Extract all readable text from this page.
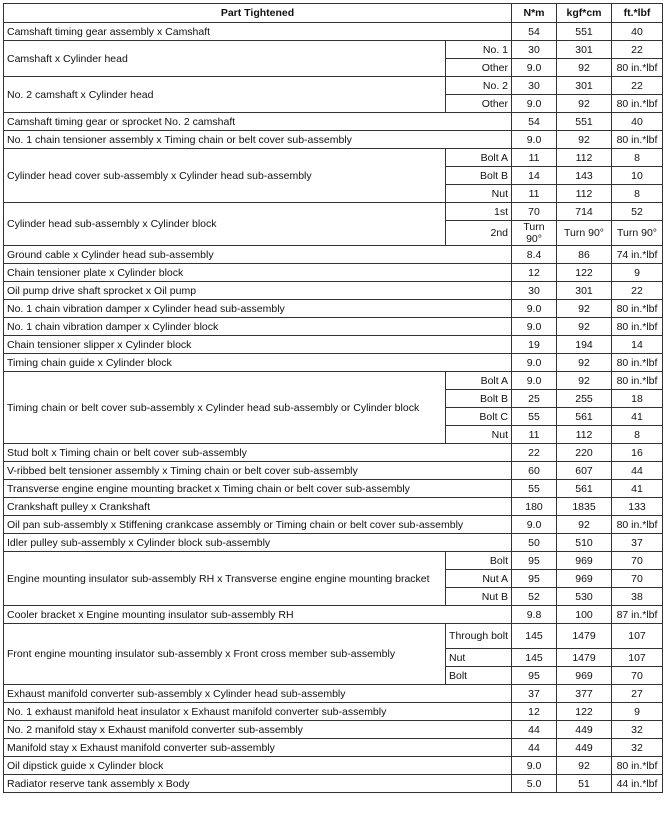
Part Tightened		N*m	kgf*cm	ft.*lbf
Camshaft timing gear assembly x Camshaft		54	551	40
Camshaft x Cylinder head	No. 1	30	301	22
	Other	9.0	92	80 in.*lbf
No. 2 camshaft x Cylinder head	No. 2	30	301	22
	Other	9.0	92	80 in.*lbf
Camshaft timing gear or sprocket No. 2 camshaft		54	551	40
No. 1 chain tensioner assembly x Timing chain or belt cover sub-assembly		9.0	92	80 in.*lbf
Cylinder head cover sub-assembly x Cylinder head sub-assembly	Bolt A	11	112	8
	Bolt B	14	143	10
	Nut	11	112	8
Cylinder head sub-assembly x Cylinder block	1st	70	714	52
	2nd	Turn 90°	Turn 90°	Turn 90°
Ground cable x Cylinder head sub-assembly		8.4	86	74 in.*lbf
Chain tensioner plate x Cylinder block		12	122	9
Oil pump drive shaft sprocket x Oil pump		30	301	22
No. 1 chain vibration damper x Cylinder head sub-assembly		9.0	92	80 in.*lbf
No. 1 chain vibration damper x Cylinder block		9.0	92	80 in.*lbf
Chain tensioner slipper x Cylinder block		19	194	14
Timing chain guide x Cylinder block		9.0	92	80 in.*lbf
Timing chain or belt cover sub-assembly x Cylinder head sub-assembly or Cylinder block	Bolt A	9.0	92	80 in.*lbf
	Bolt B	25	255	18
	Bolt C	55	561	41
	Nut	11	112	8
Stud bolt x Timing chain or belt cover sub-assembly		22	220	16
V-ribbed belt tensioner assembly x Timing chain or belt cover sub-assembly		60	607	44
Transverse engine engine mounting bracket x Timing chain or belt cover sub-assembly		55	561	41
Crankshaft pulley x Crankshaft		180	1835	133
Oil pan sub-assembly x Stiffening crankcase assembly or Timing chain or belt cover sub-assembly		9.0	92	80 in.*lbf
Idler pulley sub-assembly x Cylinder block sub-assembly		50	510	37
Engine mounting insulator sub-assembly RH x Transverse engine engine mounting bracket	Bolt	95	969	70
	Nut A	95	969	70
	Nut B	52	530	38
Cooler bracket x Engine mounting insulator sub-assembly RH		9.8	100	87 in.*lbf
Front engine mounting insulator sub-assembly x Front cross member sub-assembly	Through bolt	145	1479	107
	Nut	145	1479	107
	Bolt	95	969	70
Exhaust manifold converter sub-assembly x Cylinder head sub-assembly		37	377	27
No. 1 exhaust manifold heat insulator x Exhaust manifold converter sub-assembly		12	122	9
No. 2 manifold stay x Exhaust manifold converter sub-assembly		44	449	32
Manifold stay x Exhaust manifold converter sub-assembly		44	449	32
Oil dipstick guide x Cylinder block		9.0	92	80 in.*lbf
Radiator reserve tank assembly x Body		5.0	51	44 in.*lbf
